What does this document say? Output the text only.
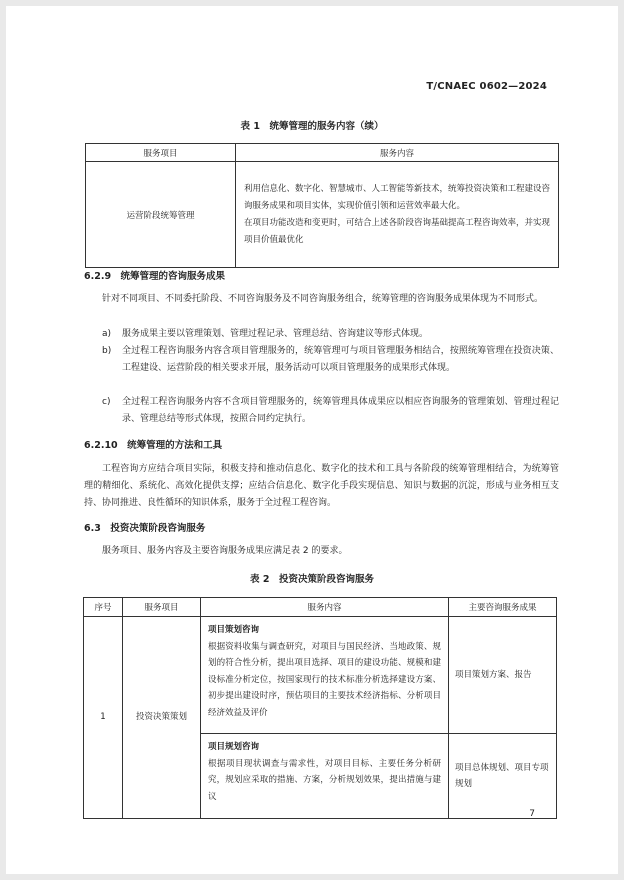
T/CNAEC 0602—2024
表 1　统筹管理的服务内容（续）
服务项目	服务内容
运营阶段统筹管理	利用信息化、数字化、智慧城市、人工智能等新技术，统筹投资决策和工程建设咨询服务成果和项目实体，实现价值引领和运营效率最大化。
在项目功能改造和变更时，可结合上述各阶段咨询基础提高工程咨询效率，并实现项目价值最优化
6.2.9　统筹管理的咨询服务成果
针对不同项目、不同委托阶段、不同咨询服务及不同咨询服务组合，统筹管理的咨询服务成果体现为不同形式。
a) 服务成果主要以管理策划、管理过程记录、管理总结、咨询建议等形式体现。
b) 全过程工程咨询服务内容含项目管理服务的，统筹管理可与项目管理服务相结合，按照统筹管理在投资决策、工程建设、运营阶段的相关要求开展，服务活动可以项目管理服务的成果形式体现。
c) 全过程工程咨询服务内容不含项目管理服务的，统筹管理具体成果应以相应咨询服务的管理策划、管理过程记录、管理总结等形式体现，按照合同约定执行。
6.2.10　统筹管理的方法和工具
工程咨询方应结合项目实际，积极支持和推动信息化、数字化的技术和工具与各阶段的统筹管理相结合，为统筹管理的精细化、系统化、高效化提供支撑；应结合信息化、数字化手段实现信息、知识与数据的沉淀，形成与业务相互支持、协同推进、良性循环的知识体系，服务于全过程工程咨询。
6.3　投资决策阶段咨询服务
服务项目、服务内容及主要咨询服务成果应满足表 2 的要求。
表 2　投资决策阶段咨询服务
序号	服务项目	服务内容	主要咨询服务成果
1	投资决策策划	项目策划咨询
根据资料收集与调查研究，对项目与国民经济、当地政策、规划的符合性分析，提出项目选择、项目的建设功能、规模和建设标准分析定位，按国家现行的技术标准分析选择建设方案、初步提出建设时序，预估项目的主要技术经济指标、分析项目经济效益及评价	项目策划方案、报告

		项目规划咨询
根据项目现状调查与需求性，对项目目标、主要任务分析研究，规划应采取的措施、方案，分析规划效果，提出措施与建议	项目总体规划、项目专项规划
7
